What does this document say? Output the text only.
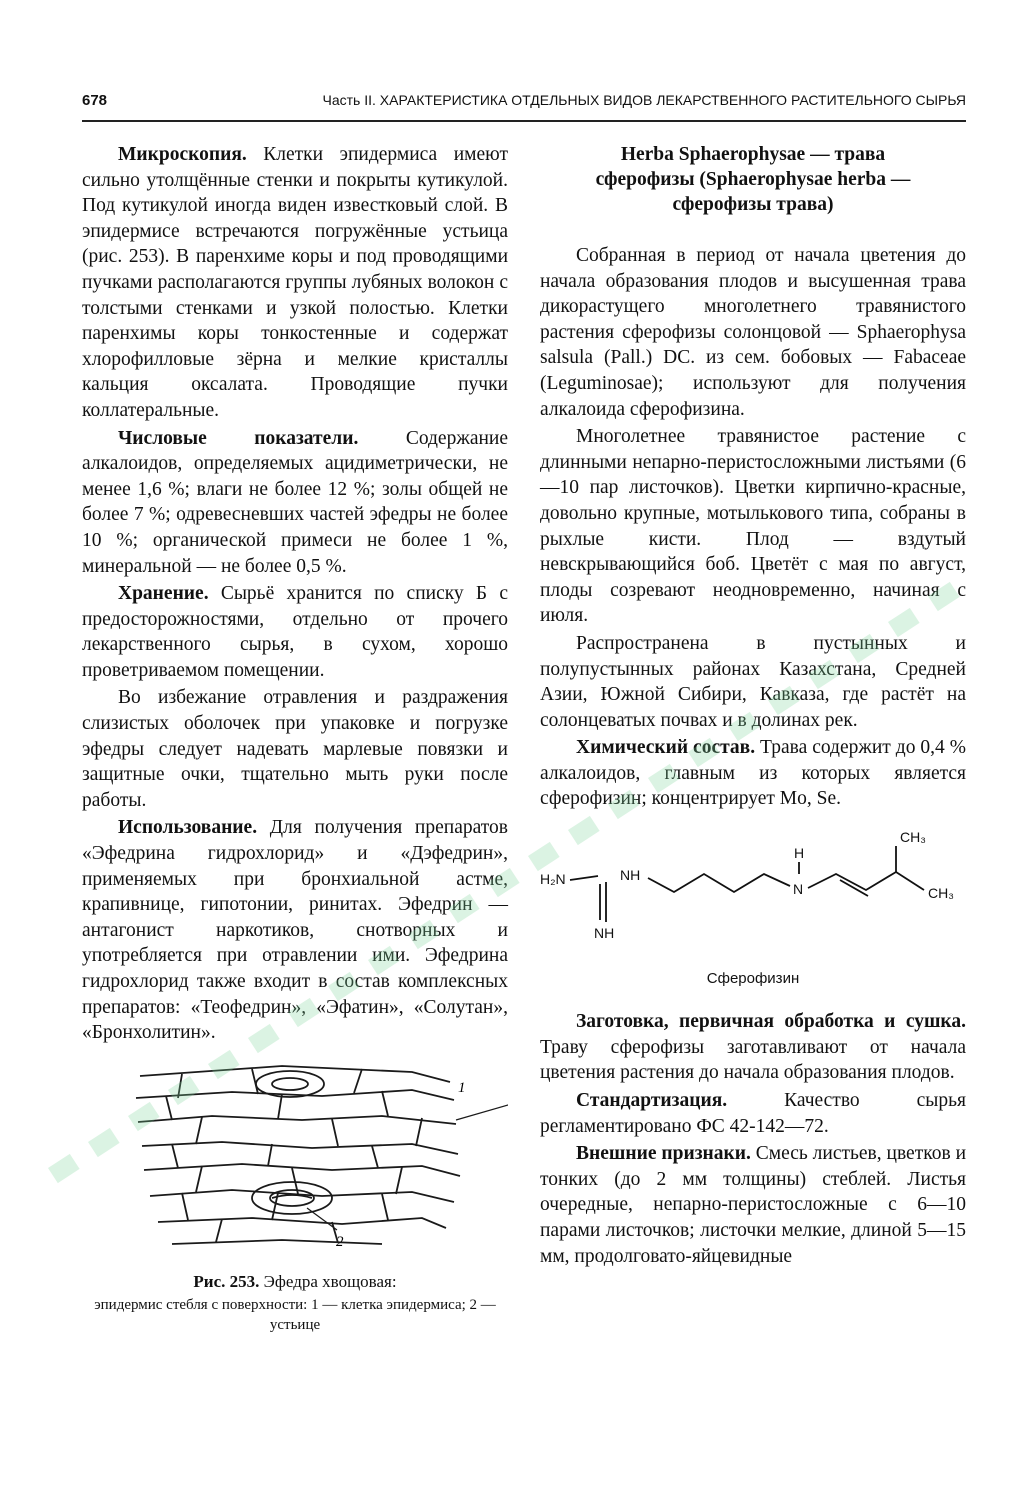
678	Часть II. ХАРАКТЕРИСТИКА ОТДЕЛЬНЫХ ВИДОВ ЛЕКАРСТВЕННОГО РАСТИТЕЛЬНОГО СЫРЬЯ

Микроскопия. Клетки эпидермиса имеют сильно утолщённые стенки и покрыты кутикулой. Под кутикулой иногда виден известковый слой. В эпидермисе встречаются погружённые устьица (рис. 253). В паренхиме коры и под проводящими пучками располагаются группы лубяных волокон с толстыми стенками и узкой полостью. Клетки паренхимы коры тонкостенные и содержат хлорофилловые зёрна и мелкие кристаллы кальция оксалата. Проводящие пучки коллатеральные.

Числовые показатели. Содержание алкалоидов, определяемых ацидиметрически, не менее 1,6 %; влаги не более 12 %; золы общей не более 7 %; одревесневших частей эфедры не более 10 %; органической примеси не более 1 %, минеральной — не более 0,5 %.

Хранение. Сырьё хранится по списку Б с предосторожностями, отдельно от прочего лекарственного сырья, в сухом, хорошо проветриваемом помещении.

Во избежание отравления и раздражения слизистых оболочек при упаковке и погрузке эфедры следует надевать марлевые повязки и защитные очки, тщательно мыть руки после работы.

Использование. Для получения препаратов «Эфедрина гидрохлорид» и «Дэфедрин», применяемых при бронхиальной астме, крапивнице, гипотонии, ринитах. Эфедрин — антагонист наркотиков, снотворных и употребляется при отравлении ими. Эфедрина гидрохлорид также входит в состав комплексных препаратов: «Теофедрин», «Эфатин», «Солутан», «Бронхолитин».

1
2
Рис. 253. Эфедра хвощовая:
эпидермис стебля с поверхности: 1 — клетка эпидермиса; 2 — устьице
Herba Sphaerophysae — трава
сферофизы (Sphaerophysae herba —
сферофизы трава)

Собранная в период от начала цветения до начала образования плодов и высушенная трава дикорастущего многолетнего травянистого растения сферофизы солонцовой — Sphaerophysa salsula (Pall.) DC. из сем. бобовых — Fabaceae (Leguminosae); используют для получения алкалоида сферофизина.

Многолетнее травянистое растение с длинными непарно-перистосложными листьями (6—10 пар листочков). Цветки кирпично-красные, довольно крупные, мотылькового типа, собраны в рыхлые кисти. Плод — вздутый невскрывающийся боб. Цветёт с мая по август, плоды созревают неодновременно, начиная с июля.

Распространена в пустынных и полупустынных районах Казахстана, Средней Азии, Южной Сибири, Кавказа, где растёт на солонцеватых почвах и в долинах рек.

Химический состав. Трава содержит до 0,4 % алкалоидов, главным из которых является сферофизин; концентрирует Mo, Se.

H₂N	NH
NH
H
N
CH₃
CH₃
Сферофизин

Заготовка, первичная обработка и сушка. Траву сферофизы заготавливают от начала цветения растения до начала образования плодов.

Стандартизация. Качество сырья регламентировано ФС 42-142—72.

Внешние признаки. Смесь листьев, цветков и тонких (до 2 мм толщины) стеблей. Листья очередные, непарно-перистосложные с 6—10 парами листочков; листочки мелкие, длиной 5—15 мм, продолговато-яйцевидные
